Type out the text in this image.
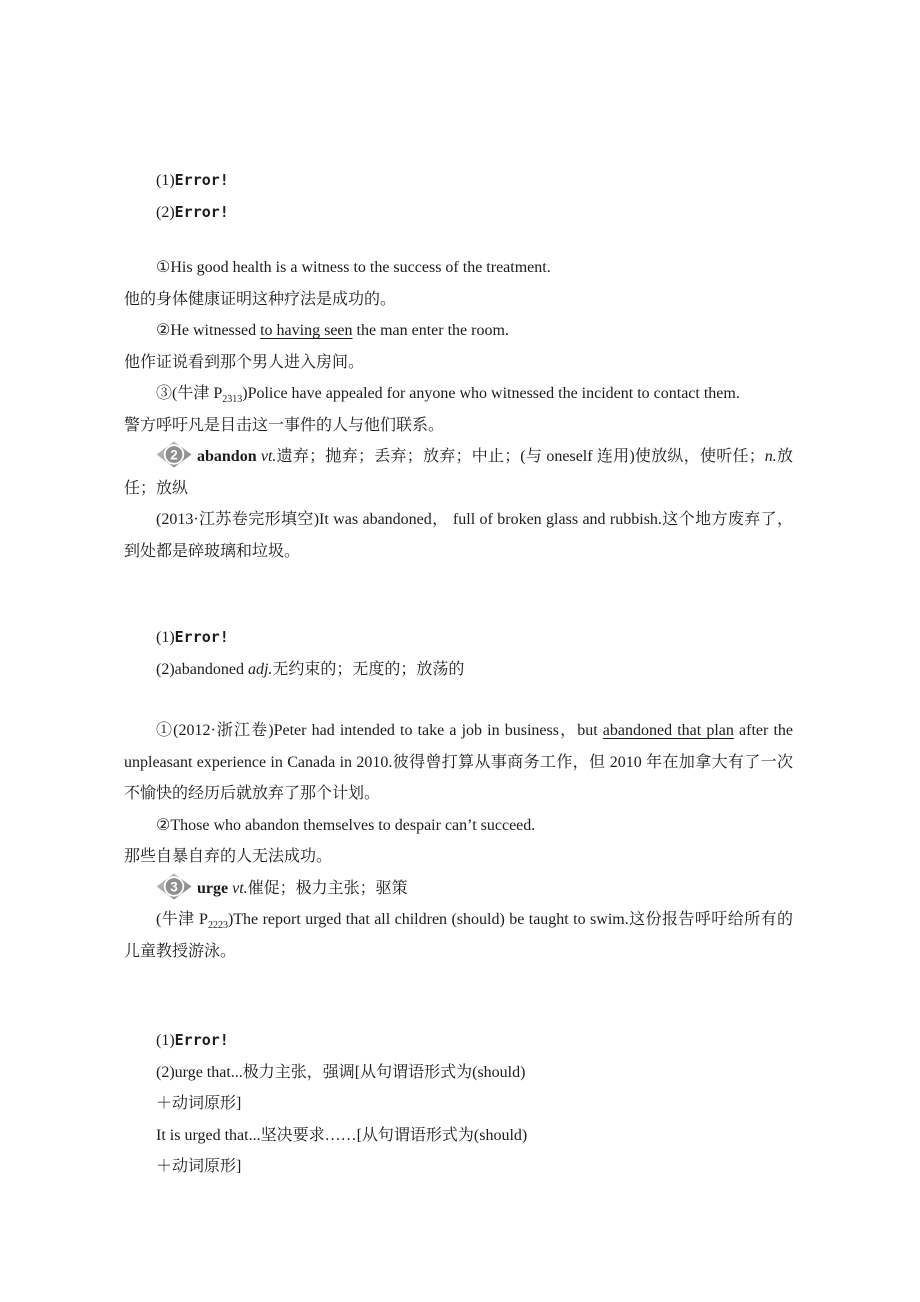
(1)Error!

(2)Error!

①His good health is a witness to the success of the treatment.

他的身体健康证明这种疗法是成功的。

②He witnessed to having seen the man enter the room.

他作证说看到那个男人进入房间。

③(牛津 $P_{2313})Police$ have appealed for anyone who witnessed the incident to contact them.

警方呼吁凡是目击这一事件的人与他们联系。

2 abandon vt.遗弃；抛弃；丢弃；放弃；中止；(与 oneself 连用)使放纵，使听任；n.放任；放纵

(2013·江苏卷完形填空)It was abandoned， full of broken glass and rubbish.这个地方废弃了，到处都是碎玻璃和垃圾。

(1)Error!

(2)abandoned adj.无约束的；无度的；放荡的

①(2012·浙江卷)Peter had intended to take a job in business，but abandoned that plan after the unpleasant experience in Canada in 2010.彼得曾打算从事商务工作，但 2010 年在加拿大有了一次不愉快的经历后就放弃了那个计划。

②Those who abandon themselves to despair can’t succeed.

那些自暴自弃的人无法成功。

3 urge vt.催促；极力主张；驱策

(牛津 $P_{2223})The$ report urged that all children (should) be taught to swim.这份报告呼吁给所有的儿童教授游泳。

(1)Error!

(2)urge that...极力主张，强调[从句谓语形式为(should)

＋动词原形]

It is urged that...坚决要求……[从句谓语形式为(should)

＋动词原形]
